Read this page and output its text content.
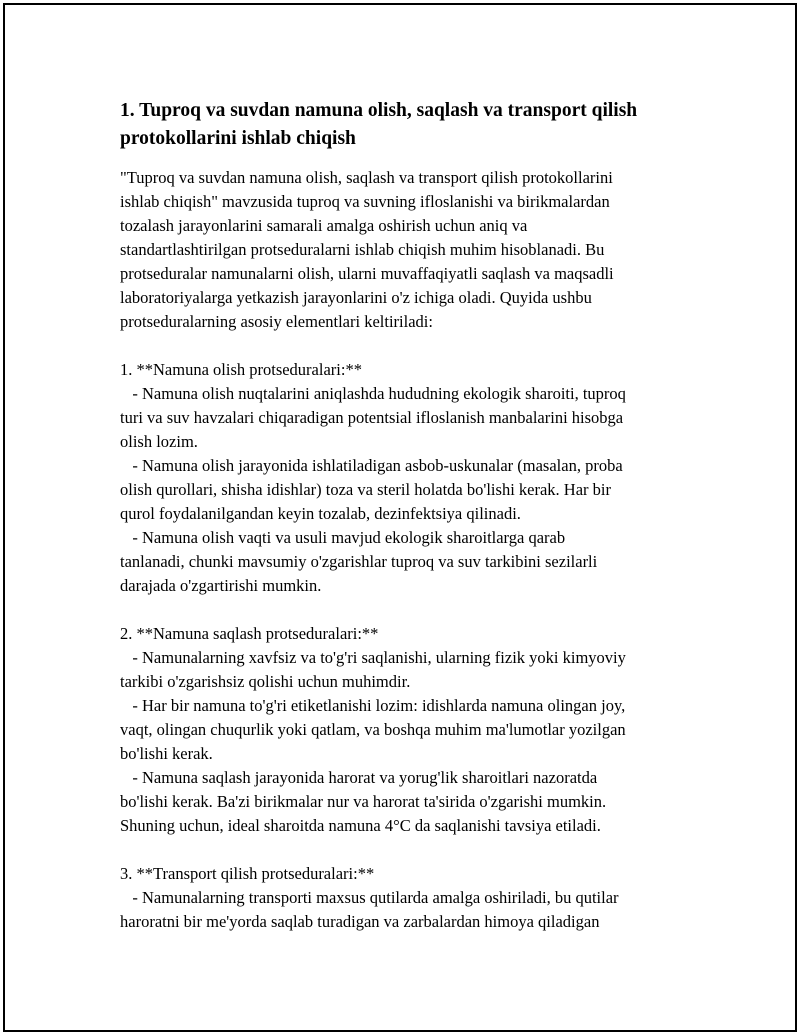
1. Tuproq va suvdan namuna olish, saqlash va transport qilish
protokollarini ishlab chiqish
"Tuproq va suvdan namuna olish, saqlash va transport qilish protokollarini
ishlab chiqish" mavzusida tuproq va suvning ifloslanishi va birikmalardan
tozalash jarayonlarini samarali amalga oshirish uchun aniq va
standartlashtirilgan protseduralarni ishlab chiqish muhim hisoblanadi. Bu
protseduralar namunalarni olish, ularni muvaffaqiyatli saqlash va maqsadli
laboratoriyalarga yetkazish jarayonlarini o'z ichiga oladi. Quyida ushbu
protseduralarning asosiy elementlari keltiriladi:
1. **Namuna olish protseduralari:**
- Namuna olish nuqtalarini aniqlashda hududning ekologik sharoiti, tuproq
turi va suv havzalari chiqaradigan potentsial ifloslanish manbalarini hisobga
olish lozim.
- Namuna olish jarayonida ishlatiladigan asbob-uskunalar (masalan, proba
olish qurollari, shisha idishlar) toza va steril holatda bo'lishi kerak. Har bir
qurol foydalanilgandan keyin tozalab, dezinfektsiya qilinadi.
- Namuna olish vaqti va usuli mavjud ekologik sharoitlarga qarab
tanlanadi, chunki mavsumiy o'zgarishlar tuproq va suv tarkibini sezilarli
darajada o'zgartirishi mumkin.
2. **Namuna saqlash protseduralari:**
- Namunalarning xavfsiz va to'g'ri saqlanishi, ularning fizik yoki kimyoviy
tarkibi o'zgarishsiz qolishi uchun muhimdir.
- Har bir namuna to'g'ri etiketlanishi lozim: idishlarda namuna olingan joy,
vaqt, olingan chuqurlik yoki qatlam, va boshqa muhim ma'lumotlar yozilgan
bo'lishi kerak.
- Namuna saqlash jarayonida harorat va yorug'lik sharoitlari nazoratda
bo'lishi kerak. Ba'zi birikmalar nur va harorat ta'sirida o'zgarishi mumkin.
Shuning uchun, ideal sharoitda namuna 4°C da saqlanishi tavsiya etiladi.
3. **Transport qilish protseduralari:**
- Namunalarning transporti maxsus qutilarda amalga oshiriladi, bu qutilar
haroratni bir me'yorda saqlab turadigan va zarbalardan himoya qiladigan
